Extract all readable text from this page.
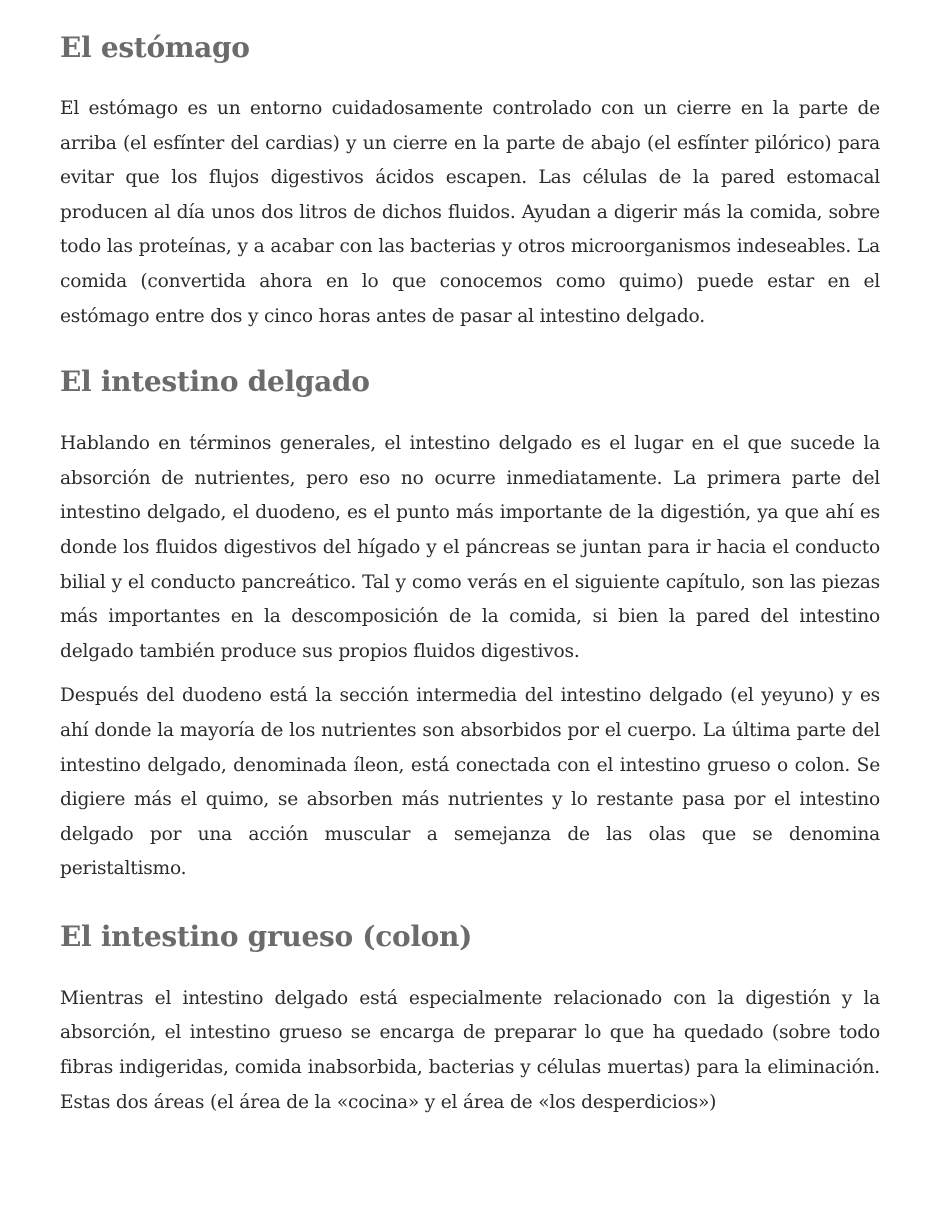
El estómago

El estómago es un entorno cuidadosamente controlado con un cierre en la parte de arriba (el esfínter del cardias) y un cierre en la parte de abajo (el esfínter pilórico) para evitar que los flujos digestivos ácidos escapen. Las células de la pared estomacal producen al día unos dos litros de dichos fluidos. Ayudan a digerir más la comida, sobre todo las proteínas, y a acabar con las bacterias y otros microorganismos indeseables. La comida (convertida ahora en lo que conocemos como quimo) puede estar en el estómago entre dos y cinco horas antes de pasar al intestino delgado.

El intestino delgado

Hablando en términos generales, el intestino delgado es el lugar en el que sucede la absorción de nutrientes, pero eso no ocurre inmediatamente. La primera parte del intestino delgado, el duodeno, es el punto más importante de la digestión, ya que ahí es donde los fluidos digestivos del hígado y el páncreas se juntan para ir hacia el conducto bilial y el conducto pancreático. Tal y como verás en el siguiente capítulo, son las piezas más importantes en la descomposición de la comida, si bien la pared del intestino delgado también produce sus propios fluidos digestivos.

Después del duodeno está la sección intermedia del intestino delgado (el yeyuno) y es ahí donde la mayoría de los nutrientes son absorbidos por el cuerpo. La última parte del intestino delgado, denominada íleon, está conectada con el intestino grueso o colon. Se digiere más el quimo, se absorben más nutrientes y lo restante pasa por el intestino delgado por una acción muscular a semejanza de las olas que se denomina peristaltismo.

El intestino grueso (colon)

Mientras el intestino delgado está especialmente relacionado con la digestión y la absorción, el intestino grueso se encarga de preparar lo que ha quedado (sobre todo fibras indigeridas, comida inabsorbida, bacterias y células muertas) para la eliminación. Estas dos áreas (el área de la «cocina» y el área de «los desperdicios»)
